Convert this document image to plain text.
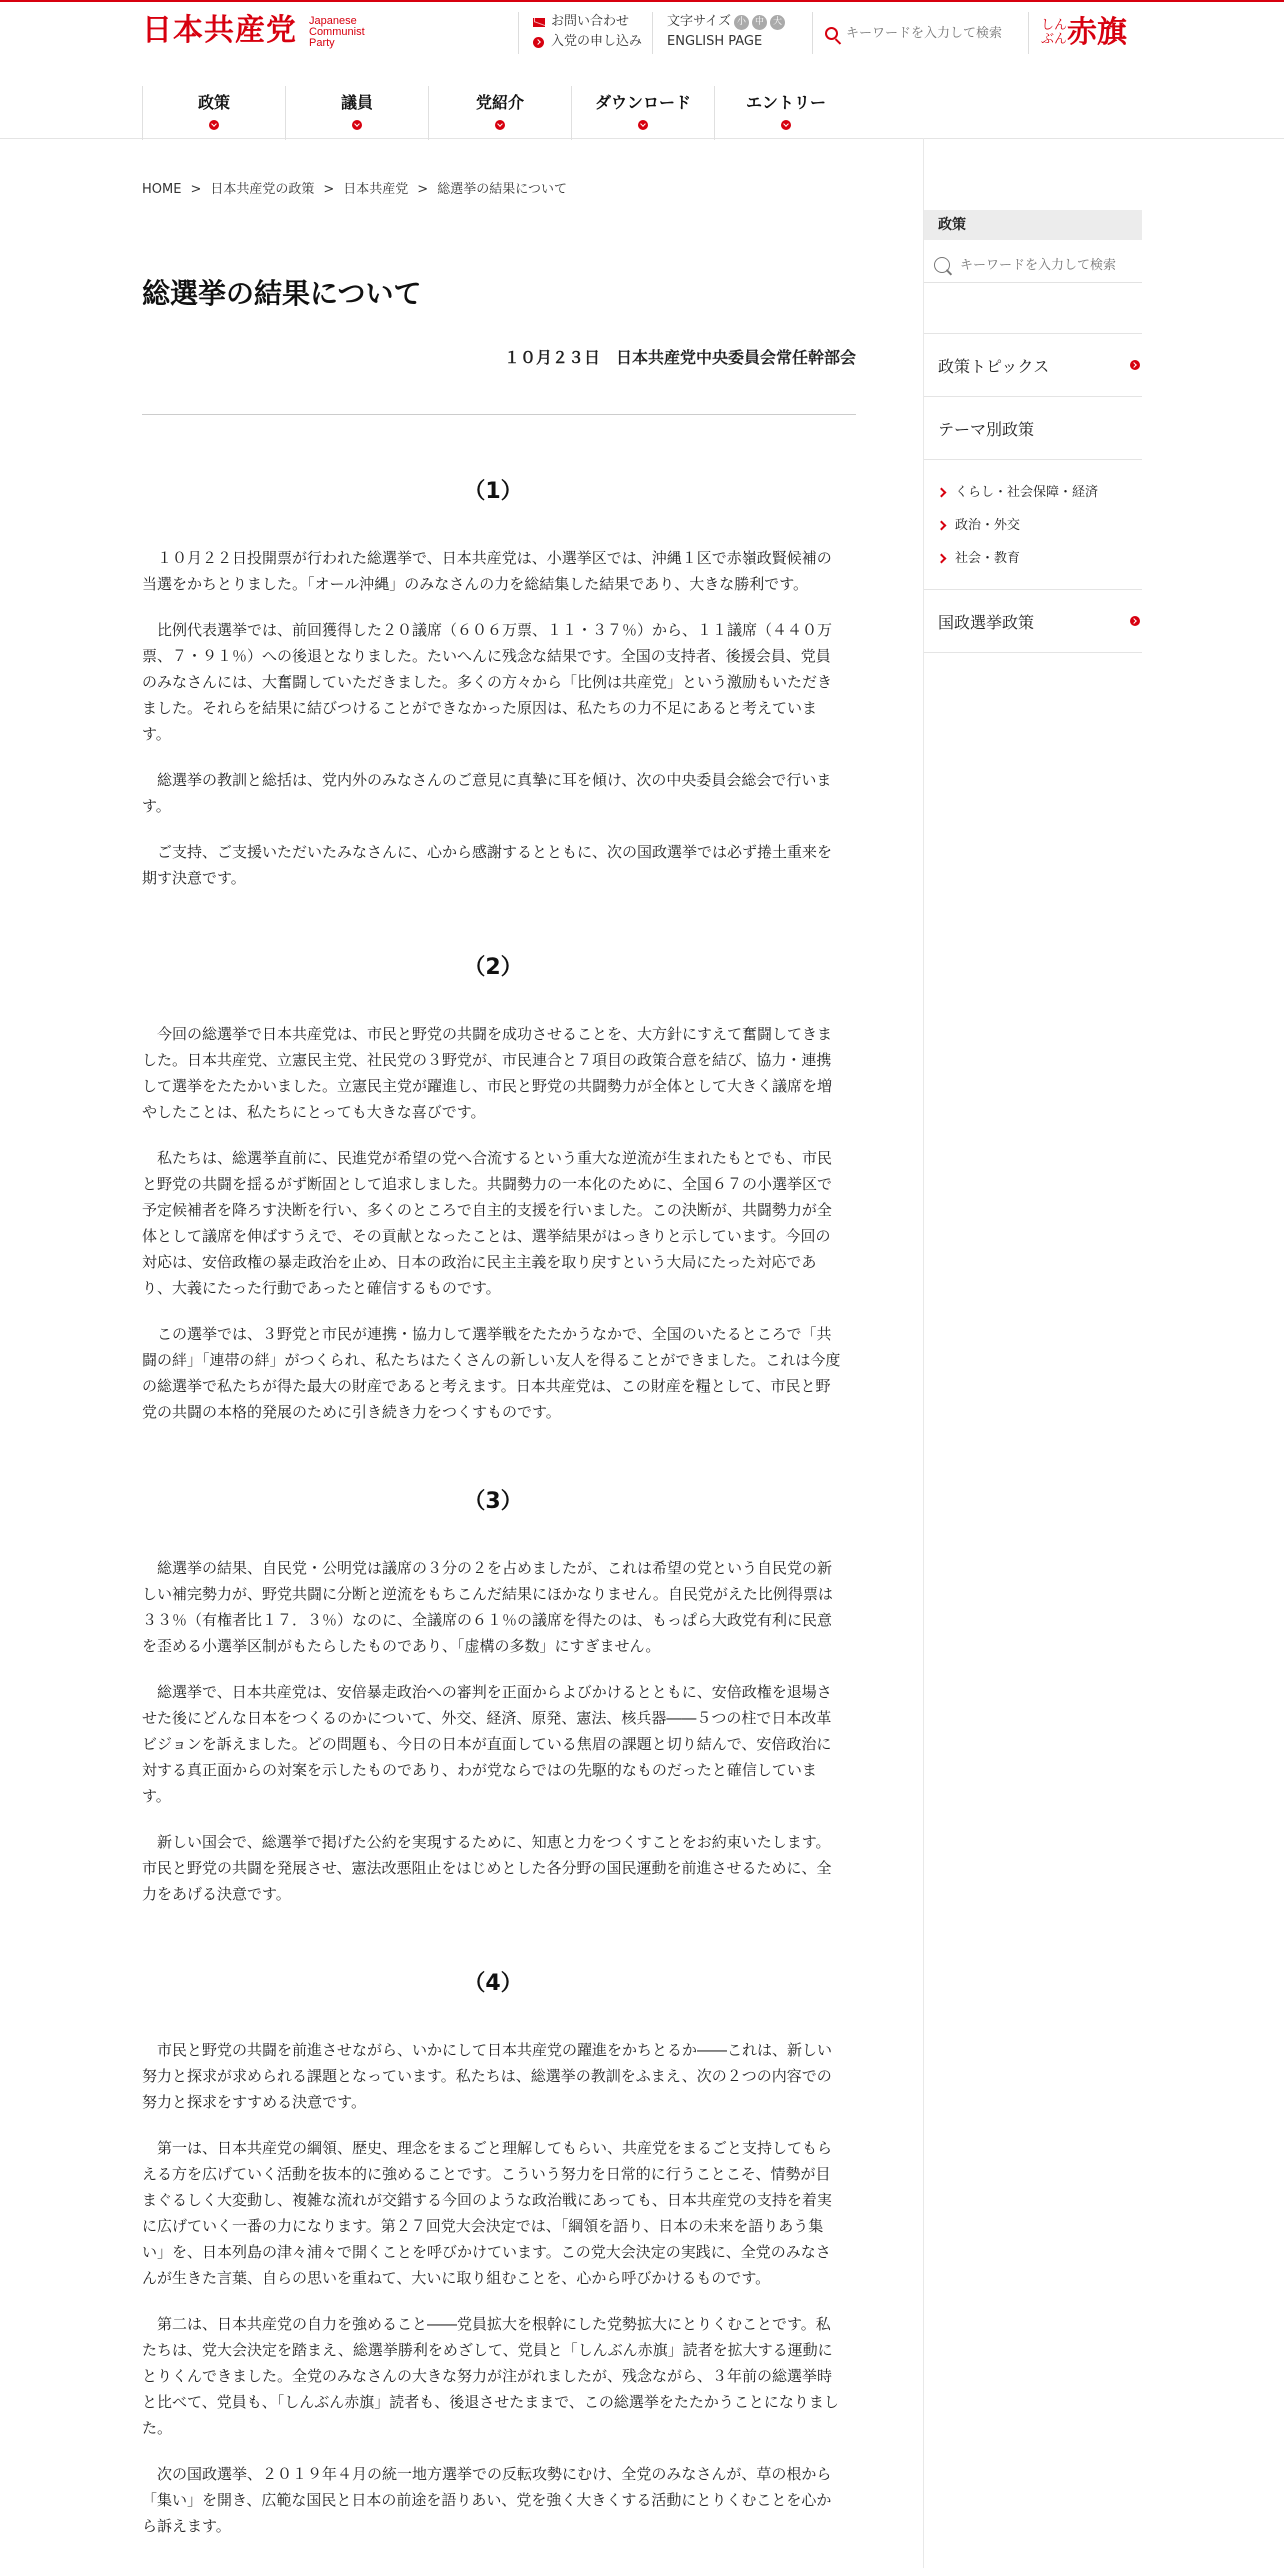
日本共産党 Japanese
Communist
Party
お問い合わせ
入党の申し込み
文字サイズ 小 中 大
ENGLISH PAGE
キーワードを入力して検索
しんぶん 赤旗
政策	議員	党紹介	ダウンロード	エントリー
HOME > 日本共産党の政策 > 日本共産党 > 総選挙の結果について
総選挙の結果について
１０月２３日　日本共産党中央委員会常任幹部会
（1）

１０月２２日投開票が行われた総選挙で、日本共産党は、小選挙区では、沖縄１区で赤嶺政賢候補の当選をかちとりました。「オール沖縄」のみなさんの力を総結集した結果であり、大きな勝利です。

比例代表選挙では、前回獲得した２０議席（６０６万票、１１・３７％）から、１１議席（４４０万票、７・９１％）への後退となりました。たいへんに残念な結果です。全国の支持者、後援会員、党員のみなさんには、大奮闘していただきました。多くの方々から「比例は共産党」という激励もいただきました。それらを結果に結びつけることができなかった原因は、私たちの力不足にあると考えています。

総選挙の教訓と総括は、党内外のみなさんのご意見に真摯に耳を傾け、次の中央委員会総会で行います。

ご支持、ご支援いただいたみなさんに、心から感謝するとともに、次の国政選挙では必ず捲土重来を期す決意です。

（2）

今回の総選挙で日本共産党は、市民と野党の共闘を成功させることを、大方針にすえて奮闘してきました。日本共産党、立憲民主党、社民党の３野党が、市民連合と７項目の政策合意を結び、協力・連携して選挙をたたかいました。立憲民主党が躍進し、市民と野党の共闘勢力が全体として大きく議席を増やしたことは、私たちにとっても大きな喜びです。

私たちは、総選挙直前に、民進党が希望の党へ合流するという重大な逆流が生まれたもとでも、市民と野党の共闘を揺るがず断固として追求しました。共闘勢力の一本化のために、全国６７の小選挙区で予定候補者を降ろす決断を行い、多くのところで自主的支援を行いました。この決断が、共闘勢力が全体として議席を伸ばすうえで、その貢献となったことは、選挙結果がはっきりと示しています。今回の対応は、安倍政権の暴走政治を止め、日本の政治に民主主義を取り戻すという大局にたった対応であり、大義にたった行動であったと確信するものです。

この選挙では、３野党と市民が連携・協力して選挙戦をたたかうなかで、全国のいたるところで「共闘の絆」「連帯の絆」がつくられ、私たちはたくさんの新しい友人を得ることができました。これは今度の総選挙で私たちが得た最大の財産であると考えます。日本共産党は、この財産を糧として、市民と野党の共闘の本格的発展のために引き続き力をつくすものです。

（3）

総選挙の結果、自民党・公明党は議席の３分の２を占めましたが、これは希望の党という自民党の新しい補完勢力が、野党共闘に分断と逆流をもちこんだ結果にほかなりません。自民党がえた比例得票は３３％（有権者比１７．３％）なのに、全議席の６１％の議席を得たのは、もっぱら大政党有利に民意を歪める小選挙区制がもたらしたものであり、「虚構の多数」にすぎません。

総選挙で、日本共産党は、安倍暴走政治への審判を正面からよびかけるとともに、安倍政権を退場させた後にどんな日本をつくるのかについて、外交、経済、原発、憲法、核兵器――５つの柱で日本改革ビジョンを訴えました。どの問題も、今日の日本が直面している焦眉の課題と切り結んで、安倍政治に対する真正面からの対案を示したものであり、わが党ならではの先駆的なものだったと確信しています。

新しい国会で、総選挙で掲げた公約を実現するために、知恵と力をつくすことをお約束いたします。市民と野党の共闘を発展させ、憲法改悪阻止をはじめとした各分野の国民運動を前進させるために、全力をあげる決意です。

（4）

市民と野党の共闘を前進させながら、いかにして日本共産党の躍進をかちとるか――これは、新しい努力と探求が求められる課題となっています。私たちは、総選挙の教訓をふまえ、次の２つの内容での努力と探求をすすめる決意です。

第一は、日本共産党の綱領、歴史、理念をまるごと理解してもらい、共産党をまるごと支持してもらえる方を広げていく活動を抜本的に強めることです。こういう努力を日常的に行うことこそ、情勢が目まぐるしく大変動し、複雑な流れが交錯する今回のような政治戦にあっても、日本共産党の支持を着実に広げていく一番の力になります。第２７回党大会決定では、「綱領を語り、日本の未来を語りあう集い」を、日本列島の津々浦々で開くことを呼びかけています。この党大会決定の実践に、全党のみなさんが生きた言葉、自らの思いを重ねて、大いに取り組むことを、心から呼びかけるものです。

第二は、日本共産党の自力を強めること――党員拡大を根幹にした党勢拡大にとりくむことです。私たちは、党大会決定を踏まえ、総選挙勝利をめざして、党員と「しんぶん赤旗」読者を拡大する運動にとりくんできました。全党のみなさんの大きな努力が注がれましたが、残念ながら、３年前の総選挙時と比べて、党員も、「しんぶん赤旗」読者も、後退させたままで、この総選挙をたたかうことになりました。

次の国政選挙、２０１９年４月の統一地方選挙での反転攻勢にむけ、全党のみなさんが、草の根から「集い」を開き、広範な国民と日本の前途を語りあい、党を強く大きくする活動にとりくむことを心から訴えます。

政策
キーワードを入力して検索
政策トピックス
テーマ別政策
くらし・社会保障・経済
政治・外交
社会・教育
国政選挙政策
